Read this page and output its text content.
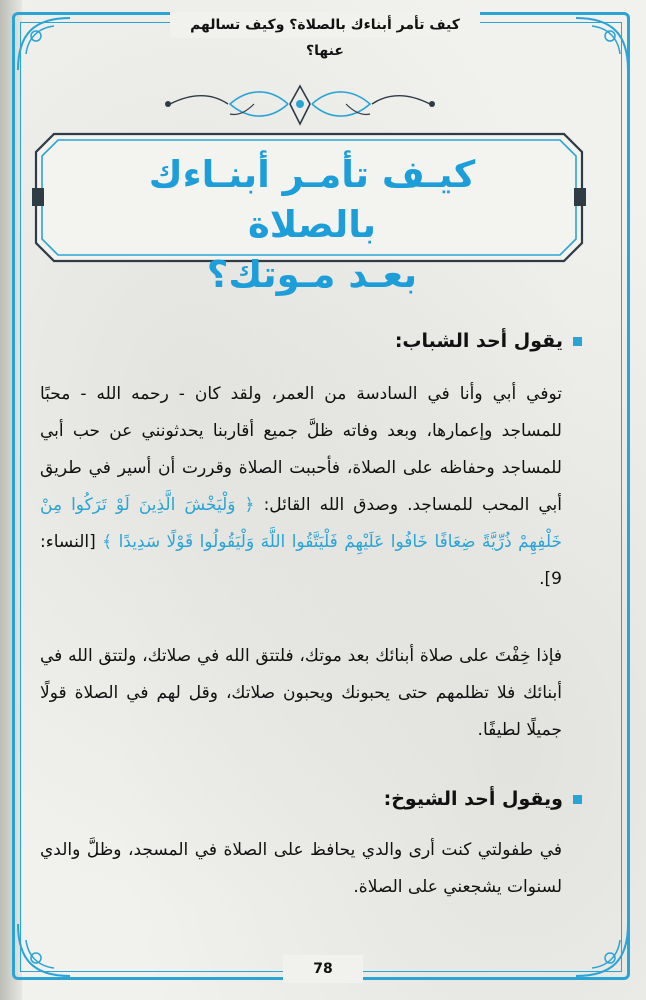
كيف تأمر أبناءك بالصلاة؟ وكيف تسالهم عنها؟
كيـف تأمـر أبنـاءك بالصلاة
بعـد مـوتك؟
يقول أحد الشباب:
توفي أبي وأنا في السادسة من العمر، ولقد كان - رحمه الله - محبًا للمساجد وإعمارها، وبعد وفاته ظلَّ جميع أقاربنا يحدثونني عن حب أبي للمساجد وحفاظه على الصلاة، فأحببت الصلاة وقررت أن أسير في طريق أبي المحب للمساجد. وصدق الله القائل: ﴿ وَلْيَخْشَ الَّذِينَ لَوْ تَرَكُوا مِنْ خَلْفِهِمْ ذُرِّيَّةً ضِعَافًا خَافُوا عَلَيْهِمْ فَلْيَتَّقُوا اللَّهَ وَلْيَقُولُوا قَوْلًا سَدِيدًا ﴾ [النساء: 9].
فإذا خِفْتَ على صلاة أبنائك بعد موتك، فلتتق الله في صلاتك، ولتتق الله في أبنائك فلا تظلمهم حتى يحبونك ويحبون صلاتك، وقل لهم في الصلاة قولًا جميلًا لطيفًا.
ويقول أحد الشيوخ:
في طفولتي كنت أرى والدي يحافظ على الصلاة في المسجد، وظلَّ والدي لسنوات يشجعني على الصلاة.
78
